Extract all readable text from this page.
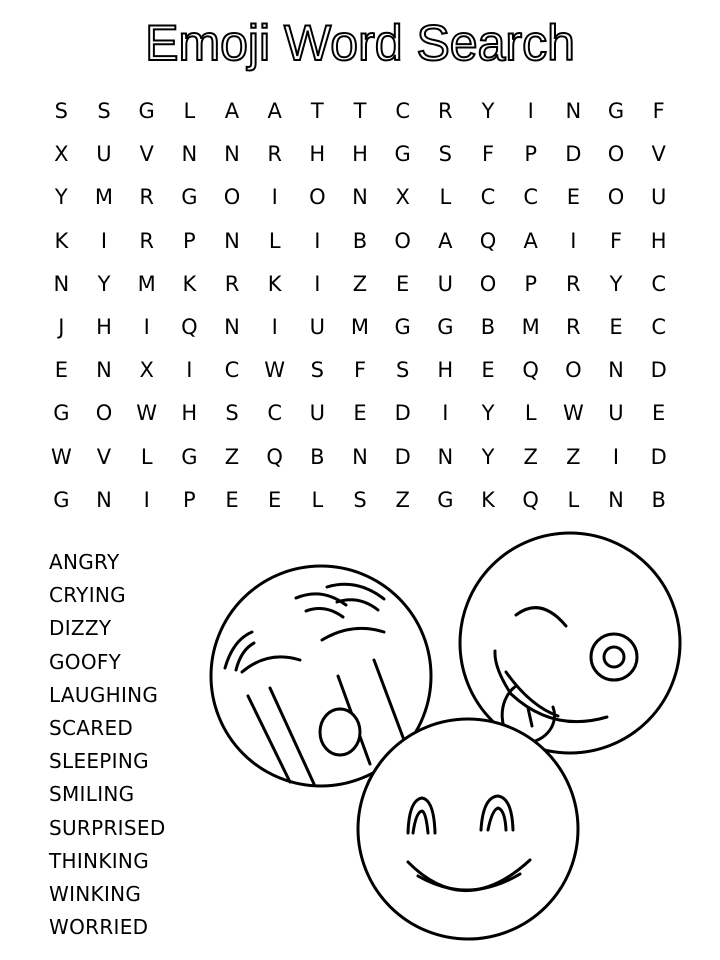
Emoji Word Search
S	S	G	L	A	A	T	T	C	R	Y	I	N	G	F
X	U	V	N	N	R	H	H	G	S	F	P	D	O	V
Y	M	R	G	O	I	O	N	X	L	C	C	E	O	U
K	I	R	P	N	L	I	B	O	A	Q	A	I	F	H
N	Y	M	K	R	K	I	Z	E	U	O	P	R	Y	C
J	H	I	Q	N	I	U	M	G	G	B	M	R	E	C
E	N	X	I	C	W	S	F	S	H	E	Q	O	N	D
G	O	W	H	S	C	U	E	D	I	Y	L	W	U	E
W	V	L	G	Z	Q	B	N	D	N	Y	Z	Z	I	D
G	N	I	P	E	E	L	S	Z	G	K	Q	L	N	B
ANGRY
CRYING
DIZZY
GOOFY
LAUGHING
SCARED
SLEEPING
SMILING
SURPRISED
THINKING
WINKING
WORRIED
